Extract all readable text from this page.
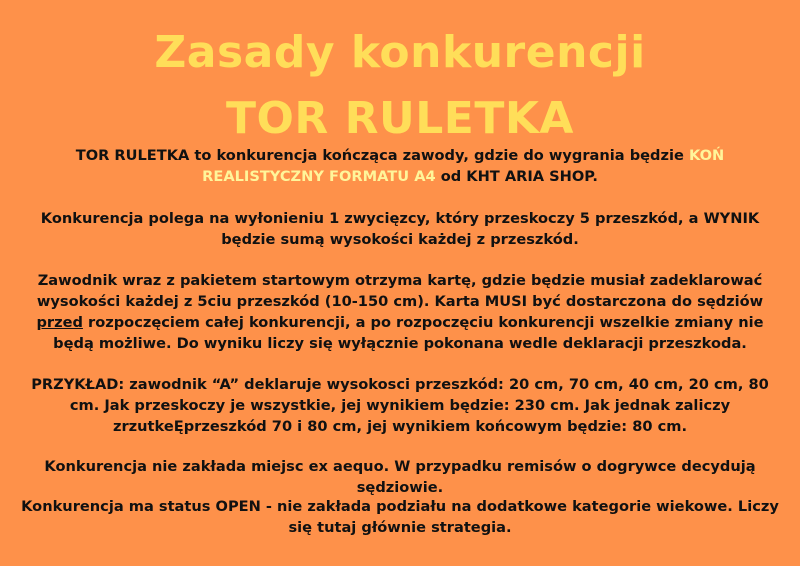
Zasady konkurencji
TOR RULETKA

TOR RULETKA to konkurencja kończąca zawody, gdzie do wygrania będzie KOŃ REALISTYCZNY FORMATU A4 od KHT ARIA SHOP.

Konkurencja polega na wyłonieniu 1 zwycięzcy, który przeskoczy 5 przeszkód, a WYNIK będzie sumą wysokości każdej z przeszkód.

Zawodnik wraz z pakietem startowym otrzyma kartę, gdzie będzie musiał zadeklarować wysokości każdej z 5ciu przeszkód (10-150 cm). Karta MUSI być dostarczona do sędziów przed rozpoczęciem całej konkurencji, a po rozpoczęciu konkurencji wszelkie zmiany nie będą możliwe. Do wyniku liczy się wyłącznie pokonana wedle deklaracji przeszkoda.

PRZYKŁAD: zawodnik “A” deklaruje wysokosci przeszkód: 20 cm, 70 cm, 40 cm, 20 cm, 80 cm. Jak przeskoczy je wszystkie, jej wynikiem będzie: 230 cm. Jak jednak zaliczy zrzutkeĘprzeszkód 70 i 80 cm, jej wynikiem końcowym będzie: 80 cm.

Konkurencja nie zakłada miejsc ex aequo. W przypadku remisów o dogrywce decydują sędziowie.

Konkurencja ma status OPEN - nie zakłada podziału na dodatkowe kategorie wiekowe. Liczy się tutaj głównie strategia.
